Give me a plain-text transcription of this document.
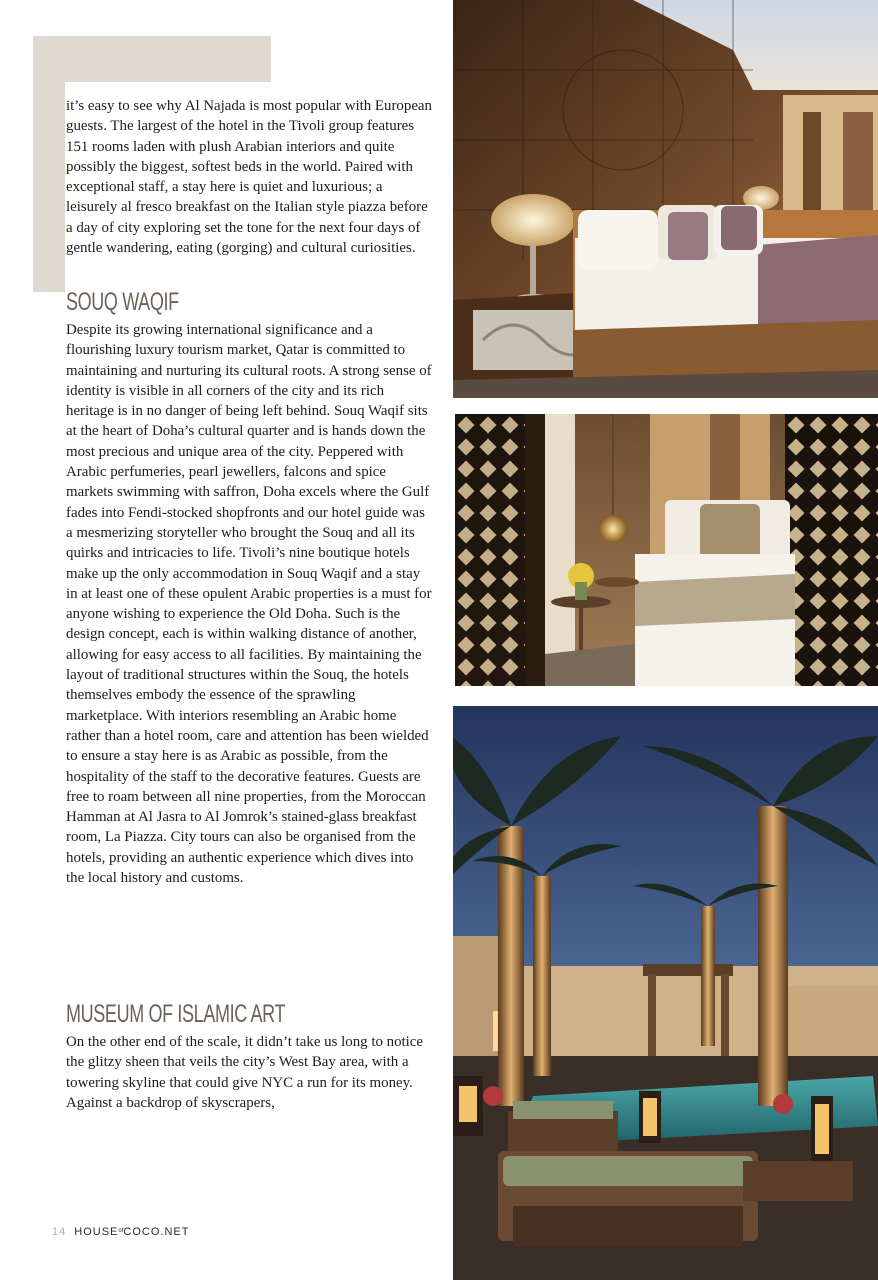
it’s easy to see why Al Najada is most popular with European guests. The largest of the hotel in the Tivoli group features 151 rooms laden with plush Arabian interiors and quite possibly the biggest, softest beds in the world. Paired with exceptional staff, a stay here is quiet and luxurious; a leisurely al fresco breakfast on the Italian style piazza before a day of city exploring set the tone for the next four days of gentle wandering, eating (gorging) and cultural curiosities.

SOUQ WAQIF

Despite its growing international significance and a flourishing luxury tourism market, Qatar is committed to maintaining and nurturing its cultural roots. A strong sense of identity is visible in all corners of the city and its rich heritage is in no danger of being left behind. Souq Waqif sits at the heart of Doha’s cultural quarter and is hands down the most precious and unique area of the city. Peppered with Arabic perfumeries, pearl jewellers, falcons and spice markets swimming with saffron, Doha excels where the Gulf fades into Fendi-stocked shopfronts and our hotel guide was a mesmerizing storyteller who brought the Souq and all its quirks and intricacies to life. Tivoli’s nine boutique hotels make up the only accommodation in Souq Waqif and a stay in at least one of these opulent Arabic properties is a must for anyone wishing to experience the Old Doha. Such is the design concept, each is within walking distance of another, allowing for easy access to all facilities. By maintaining the layout of traditional structures within the Souq, the hotels themselves embody the essence of the sprawling marketplace. With interiors resembling an Arabic home rather than a hotel room, care and attention has been wielded to ensure a stay here is as Arabic as possible, from the hospitality of the staff to the decorative features. Guests are free to roam between all nine properties, from the Moroccan Hamman at Al Jasra to Al Jomrok’s stained-glass breakfast room, La Piazza. City tours can also be organised from the hotels, providing an authentic experience which dives into the local history and customs.

MUSEUM OF ISLAMIC ART

On the other end of the scale, it didn’t take us long to notice the glitzy sheen that veils the city’s West Bay area, with a towering skyline that could give NYC a run for its money. Against a backdrop of skyscrapers,

14 $HOUSE^{of}COCO.NET$
